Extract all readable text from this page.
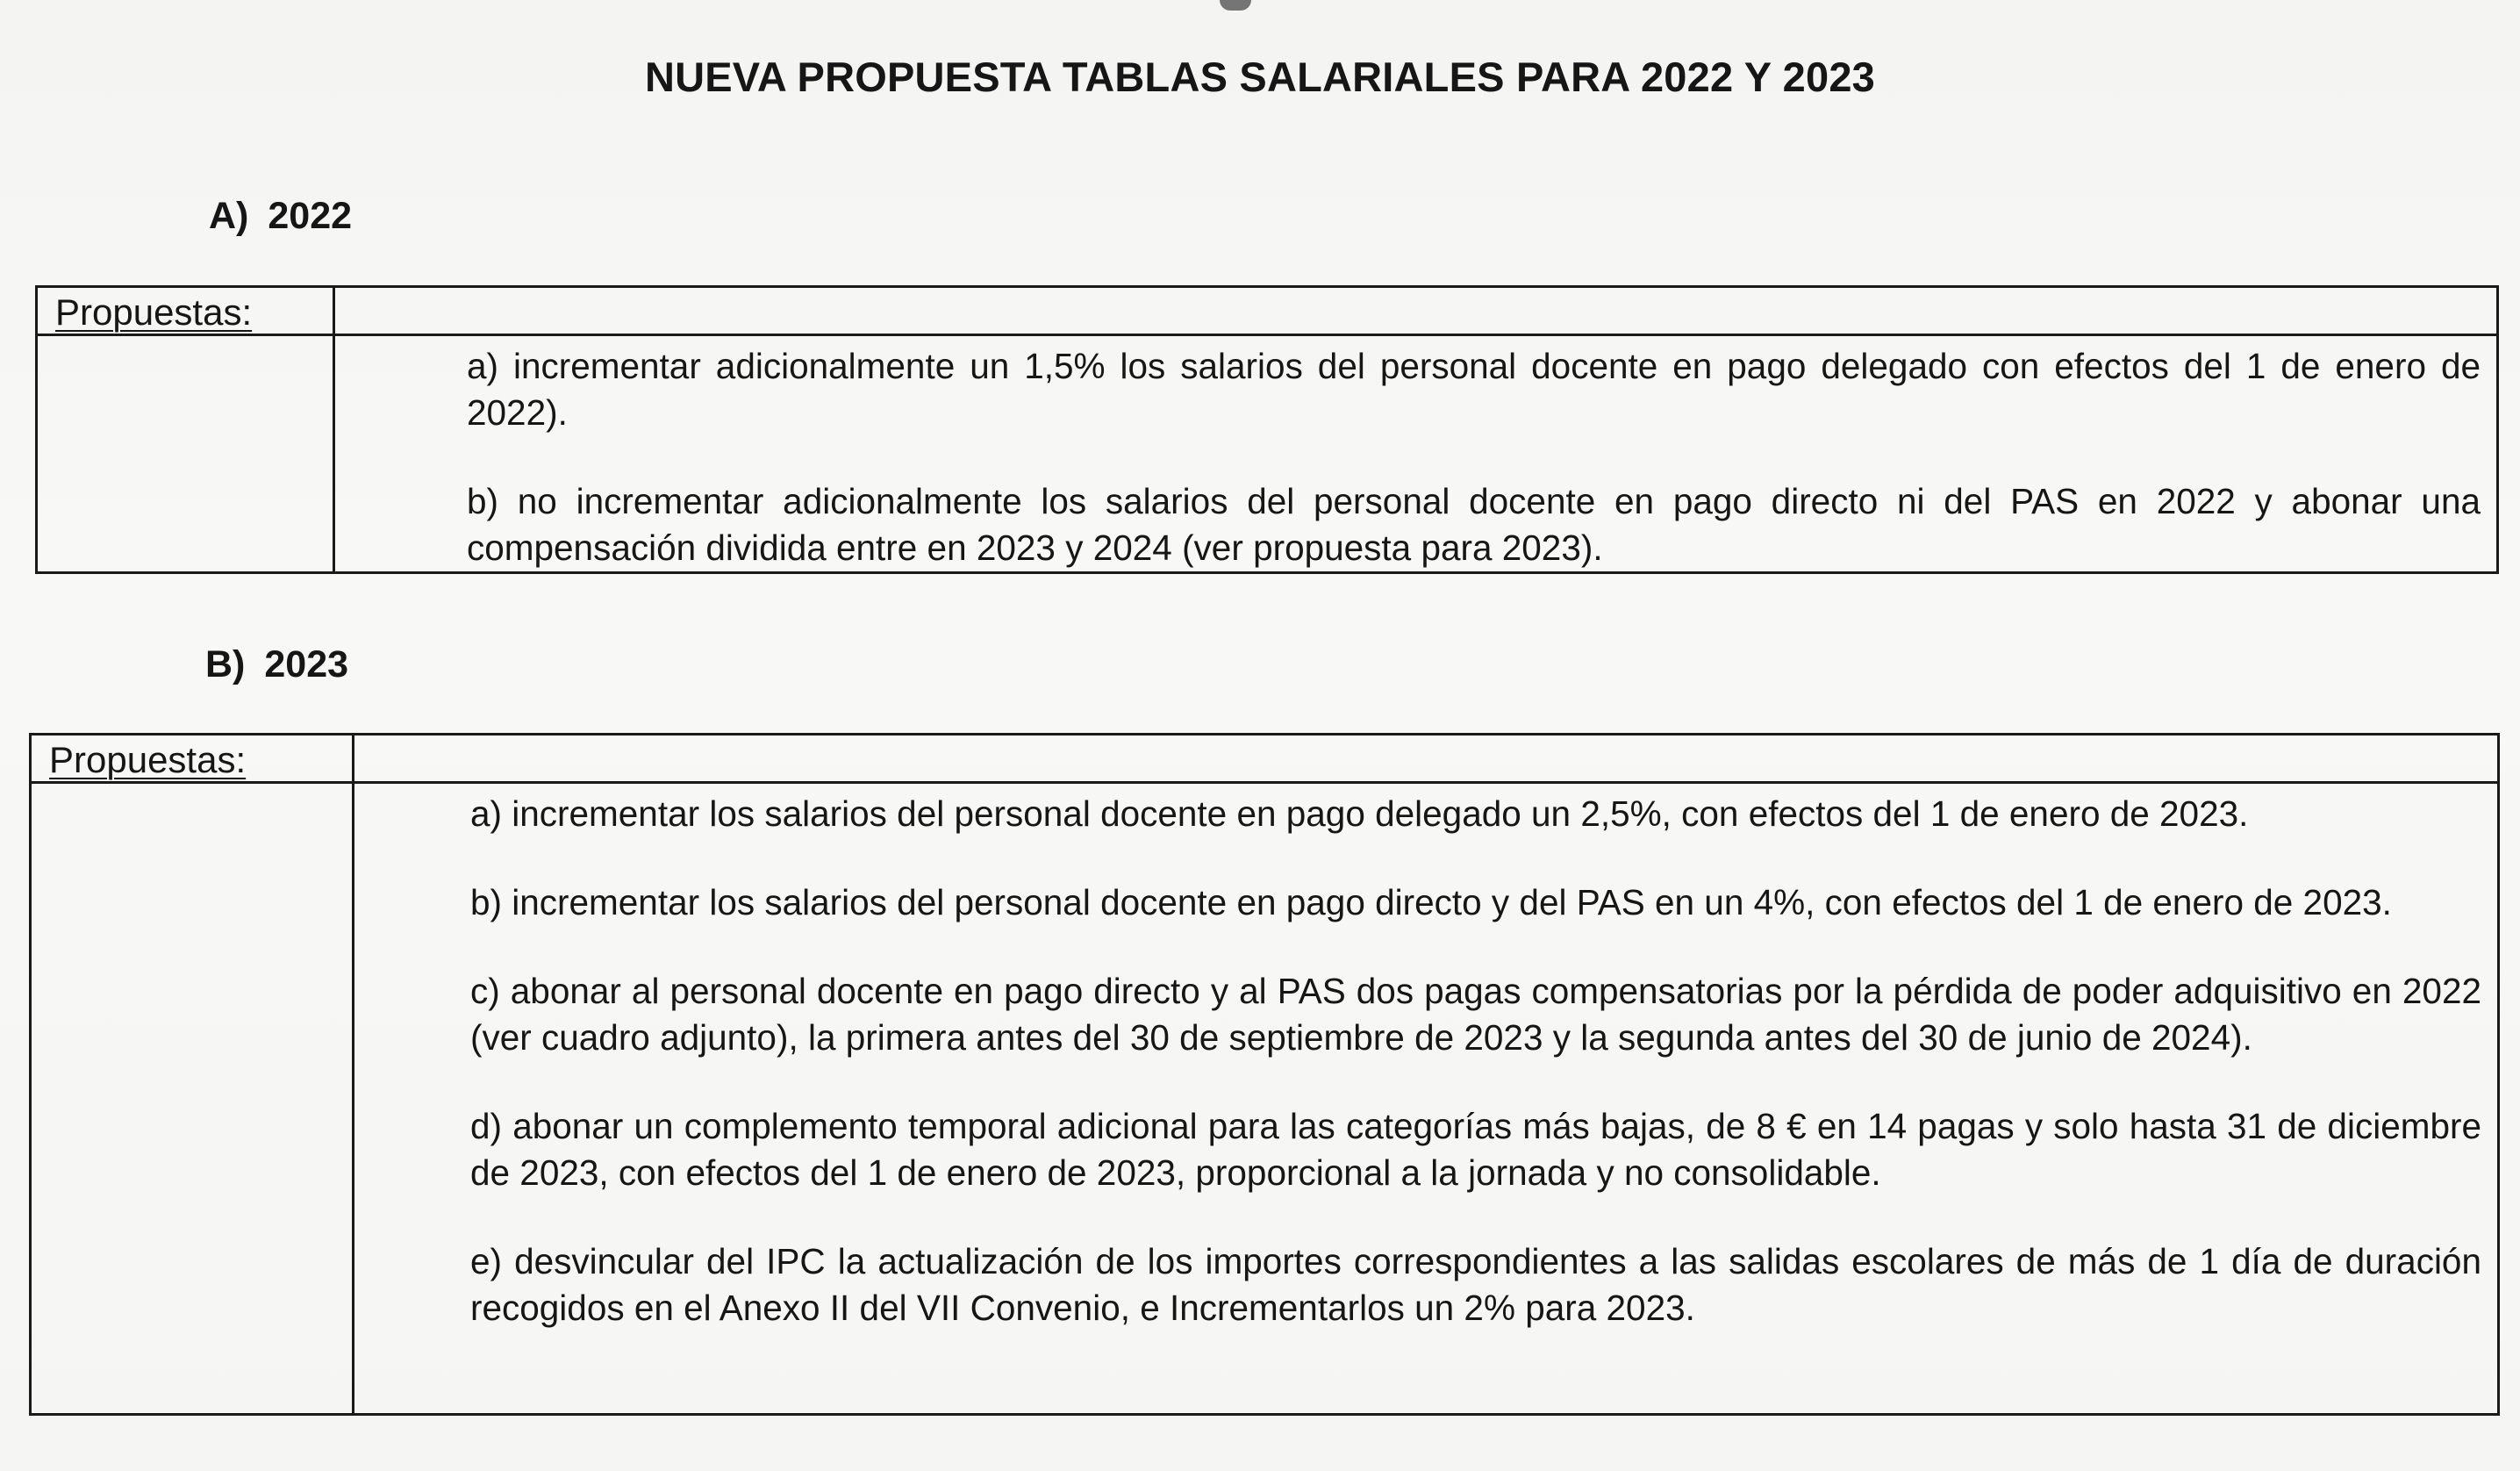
NUEVA PROPUESTA TABLAS SALARIALES PARA 2022 Y 2023
A) 2022
Propuestas:	

	a) incrementar adicionalmente un 1,5% los salarios del personal docente en pago delegado con efectos del 1 de enero de 2022).

b) no incrementar adicionalmente los salarios del personal docente en pago directo ni del PAS en 2022 y abonar una compensación dividida entre en 2023 y 2024 (ver propuesta para 2023).

B) 2023
Propuestas:	

	a) incrementar los salarios del personal docente en pago delegado un 2,5%, con efectos del 1 de enero de 2023.

b) incrementar los salarios del personal docente en pago directo y del PAS en un 4%, con efectos del 1 de enero de 2023.

c) abonar al personal docente en pago directo y al PAS dos pagas compensatorias por la pérdida de poder adquisitivo en 2022 (ver cuadro adjunto), la primera antes del 30 de septiembre de 2023 y la segunda antes del 30 de junio de 2024).

d) abonar un complemento temporal adicional para las categorías más bajas, de 8 € en 14 pagas y solo hasta 31 de diciembre de 2023, con efectos del 1 de enero de 2023, proporcional a la jornada y no consolidable.

e) desvincular del IPC la actualización de los importes correspondientes a las salidas escolares de más de 1 día de duración recogidos en el Anexo II del VII Convenio, e Incrementarlos un 2% para 2023.
